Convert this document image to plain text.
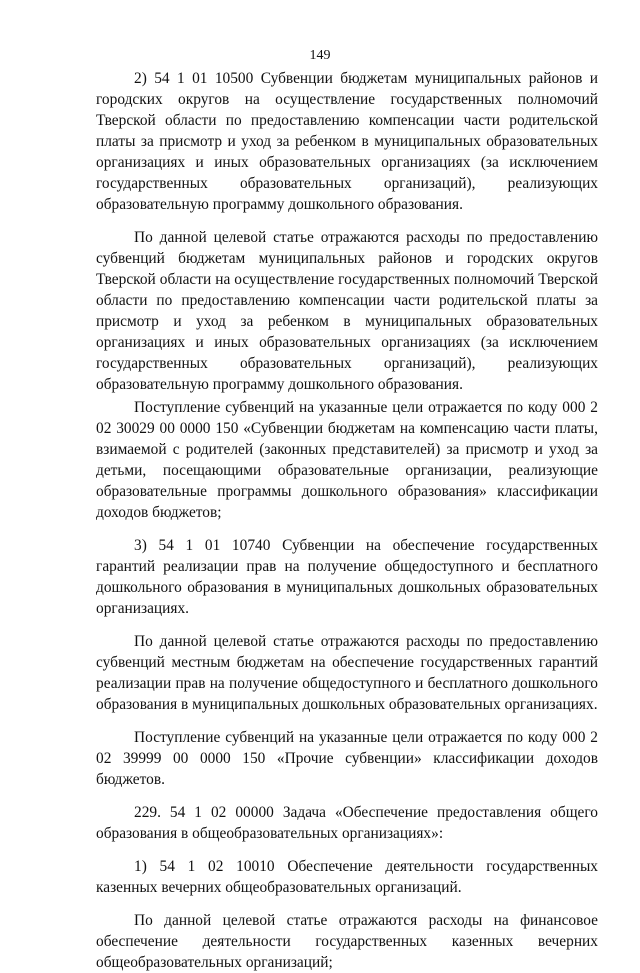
149

2) 54 1 01 10500 Субвенции бюджетам муниципальных районов и городских округов на осуществление государственных полномочий Тверской области по предоставлению компенсации части родительской платы за присмотр и уход за ребенком в муниципальных образовательных организациях и иных образовательных организациях (за исключением государственных образовательных организаций), реализующих образовательную программу дошкольного образования.

По данной целевой статье отражаются расходы по предоставлению субвенций бюджетам муниципальных районов и городских округов Тверской области на осуществление государственных полномочий Тверской области по предоставлению компенсации части родительской платы за присмотр и уход за ребенком в муниципальных образовательных организациях и иных образовательных организациях (за исключением государственных образовательных организаций), реализующих образовательную программу дошкольного образования.

Поступление субвенций на указанные цели отражается по коду 000 2 02 30029 00 0000 150 «Субвенции бюджетам на компенсацию части платы, взимаемой с родителей (законных представителей) за присмотр и уход за детьми, посещающими образовательные организации, реализующие образовательные программы дошкольного образования» классификации доходов бюджетов;

3) 54 1 01 10740 Субвенции на обеспечение государственных гарантий реализации прав на получение общедоступного и бесплатного дошкольного образования в муниципальных дошкольных образовательных организациях.

По данной целевой статье отражаются расходы по предоставлению субвенций местным бюджетам на обеспечение государственных гарантий реализации прав на получение общедоступного и бесплатного дошкольного образования в муниципальных дошкольных образовательных организациях.

Поступление субвенций на указанные цели отражается по коду 000 2 02 39999 00 0000 150 «Прочие субвенции» классификации доходов бюджетов.

229. 54 1 02 00000 Задача «Обеспечение предоставления общего образования в общеобразовательных организациях»:

1) 54 1 02 10010 Обеспечение деятельности государственных казенных вечерних общеобразовательных организаций.

По данной целевой статье отражаются расходы на финансовое обеспечение деятельности государственных казенных вечерних общеобразовательных организаций;
